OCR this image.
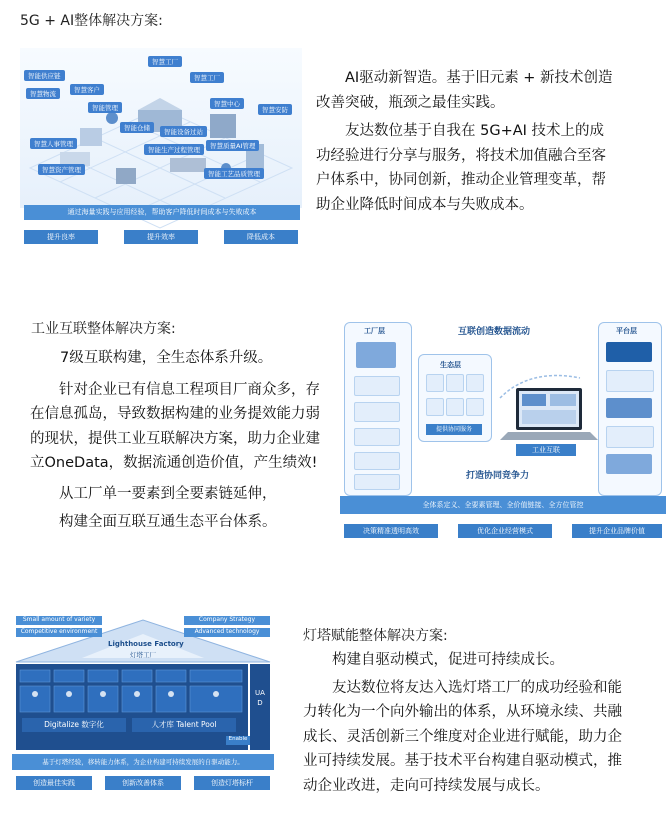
5G + AI整体解决方案:
智慧工厂
智能供应链
智慧物流	智慧客户
智能管理
智慧工厂
智慧中心
智慧安防
智能仓储	智能设备过站
智能生产过程管理	智慧质量AI管理
智慧人事管理
智能工艺品质管理
智慧资产管理
通过海量实践与应用经验，帮助客户降低时间成本与失败成本
提升良率	提升效率	降低成本

AI驱动新智造。基于旧元素 + 新技术创造改善突破，瓶颈之最佳实践。

友达数位基于自我在 5G+AI 技术上的成功经验进行分享与服务，将技术加值融合至客户体系中，协同创新，推动企业管理变革，帮助企业降低时间成本与失败成本。

工业互联整体解决方案:

7级互联构建，全生态体系升级。

针对企业已有信息工程项目厂商众多，存在信息孤岛，导致数据构建的业务提效能力弱的现状，提供工业互联解决方案，助力企业建立OneData，数据流通创造价值，产生绩效!

从工厂单一要素到全要素链延伸，

构建全面互联互通生态平台体系。

互联创造数据流动
工厂层
生态层
提供协同服务
工业互联
打造协同竞争力
平台层
全体系定义、全要素管理、全价值链接、全方位管控
决策精准透明高效	优化企业经营模式	提升企业品牌价值
Small amount of variety
Competitive environment
Company Strategy
Advanced technology
Lighthouse Factory
灯塔工厂
Digitalize 数字化	人才库 Talent Pool
Enable
UAD
基于灯塔经验，移转能力体系，为企业构建可持续发展的自驱动能力。
创造最佳实践	创新改善体系	创造灯塔标杆
灯塔赋能整体解决方案:

构建自驱动模式，促进可持续成长。

友达数位将友达入选灯塔工厂的成功经验和能力转化为一个向外输出的体系，从环境永续、共融成长、灵活创新三个维度对企业进行赋能，助力企业可持续发展。基于技术平台构建自驱动模式，推动企业改进，走向可持续发展与成长。
